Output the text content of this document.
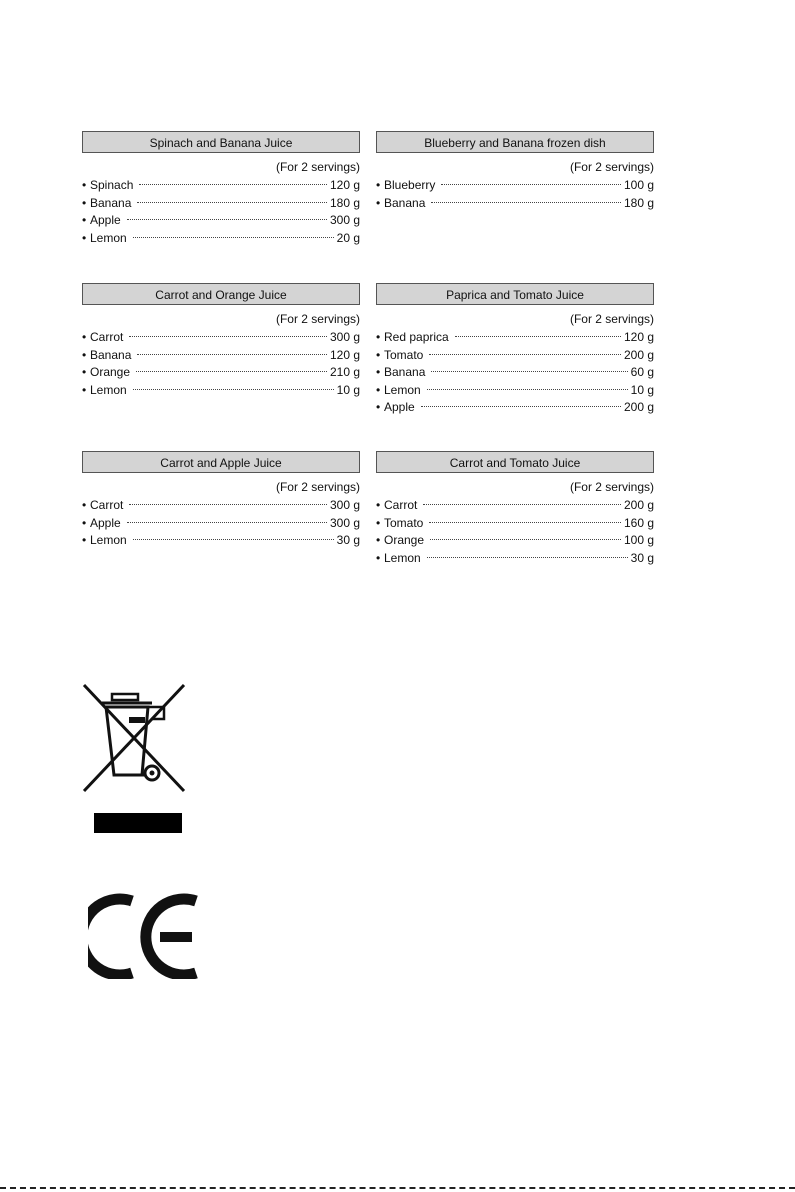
Spinach and Banana Juice
(For 2 servings)
• Spinach	120 g
• Banana	180 g
• Apple	300 g
• Lemon	20 g
Blueberry and Banana frozen dish
(For 2 servings)
• Blueberry	100 g
• Banana	180 g
Carrot and Orange Juice
(For 2 servings)
• Carrot	300 g
• Banana	120 g
• Orange	210 g
• Lemon	10 g
Paprica and Tomato Juice
(For 2 servings)
• Red paprica	120 g
• Tomato	200 g
• Banana	60 g
• Lemon	10 g
• Apple	200 g
Carrot and Apple Juice
(For 2 servings)
• Carrot	300 g
• Apple	300 g
• Lemon	30 g
Carrot and Tomato Juice
(For 2 servings)
• Carrot	200 g
• Tomato	160 g
• Orange	100 g
• Lemon	30 g
